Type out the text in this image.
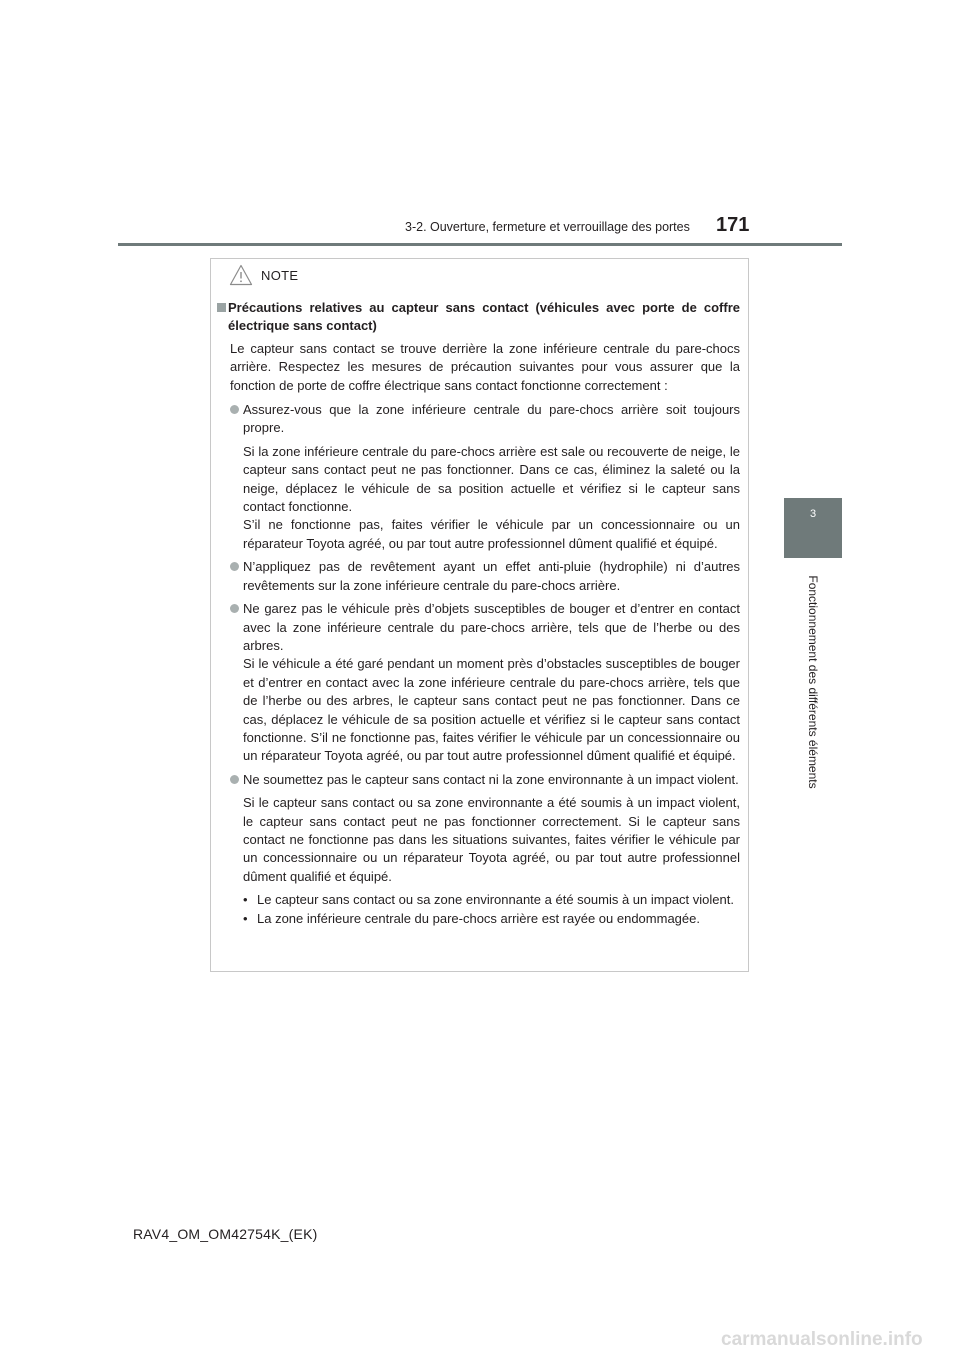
3-2. Ouverture, fermeture et verrouillage des portes 171
3
Fonctionnement des différents éléments
NOTE
Précautions relatives au capteur sans contact (véhicules avec porte de coffre électrique sans contact)
Le capteur sans contact se trouve derrière la zone inférieure centrale du pare-chocs arrière. Respectez les mesures de précaution suivantes pour vous assurer que la fonction de porte de coffre électrique sans contact fonctionne correctement :
Assurez-vous que la zone inférieure centrale du pare-chocs arrière soit toujours propre.
Si la zone inférieure centrale du pare-chocs arrière est sale ou recouverte de neige, le capteur sans contact peut ne pas fonctionner. Dans ce cas, éliminez la saleté ou la neige, déplacez le véhicule de sa position actuelle et vérifiez si le capteur sans contact fonctionne.
S’il ne fonctionne pas, faites vérifier le véhicule par un concessionnaire ou un réparateur Toyota agréé, ou par tout autre professionnel dûment qualifié et équipé.
N’appliquez pas de revêtement ayant un effet anti-pluie (hydrophile) ni d’autres revêtements sur la zone inférieure centrale du pare-chocs arrière.
Ne garez pas le véhicule près d’objets susceptibles de bouger et d’entrer en contact avec la zone inférieure centrale du pare-chocs arrière, tels que de l’herbe ou des arbres.
Si le véhicule a été garé pendant un moment près d’obstacles susceptibles de bouger et d’entrer en contact avec la zone inférieure centrale du pare-chocs arrière, tels que de l’herbe ou des arbres, le capteur sans contact peut ne pas fonctionner. Dans ce cas, déplacez le véhicule de sa position actuelle et vérifiez si le capteur sans contact fonctionne. S’il ne fonctionne pas, faites vérifier le véhicule par un concessionnaire ou un réparateur Toyota agréé, ou par tout autre professionnel dûment qualifié et équipé.
Ne soumettez pas le capteur sans contact ni la zone environnante à un impact violent.
Si le capteur sans contact ou sa zone environnante a été soumis à un impact violent, le capteur sans contact peut ne pas fonctionner correctement. Si le capteur sans contact ne fonctionne pas dans les situations suivantes, faites vérifier le véhicule par un concessionnaire ou un réparateur Toyota agréé, ou par tout autre professionnel dûment qualifié et équipé.
• Le capteur sans contact ou sa zone environnante a été soumis à un impact violent.
• La zone inférieure centrale du pare-chocs arrière est rayée ou endommagée.
RAV4_OM_OM42754K_(EK)
carmanualsonline.info
